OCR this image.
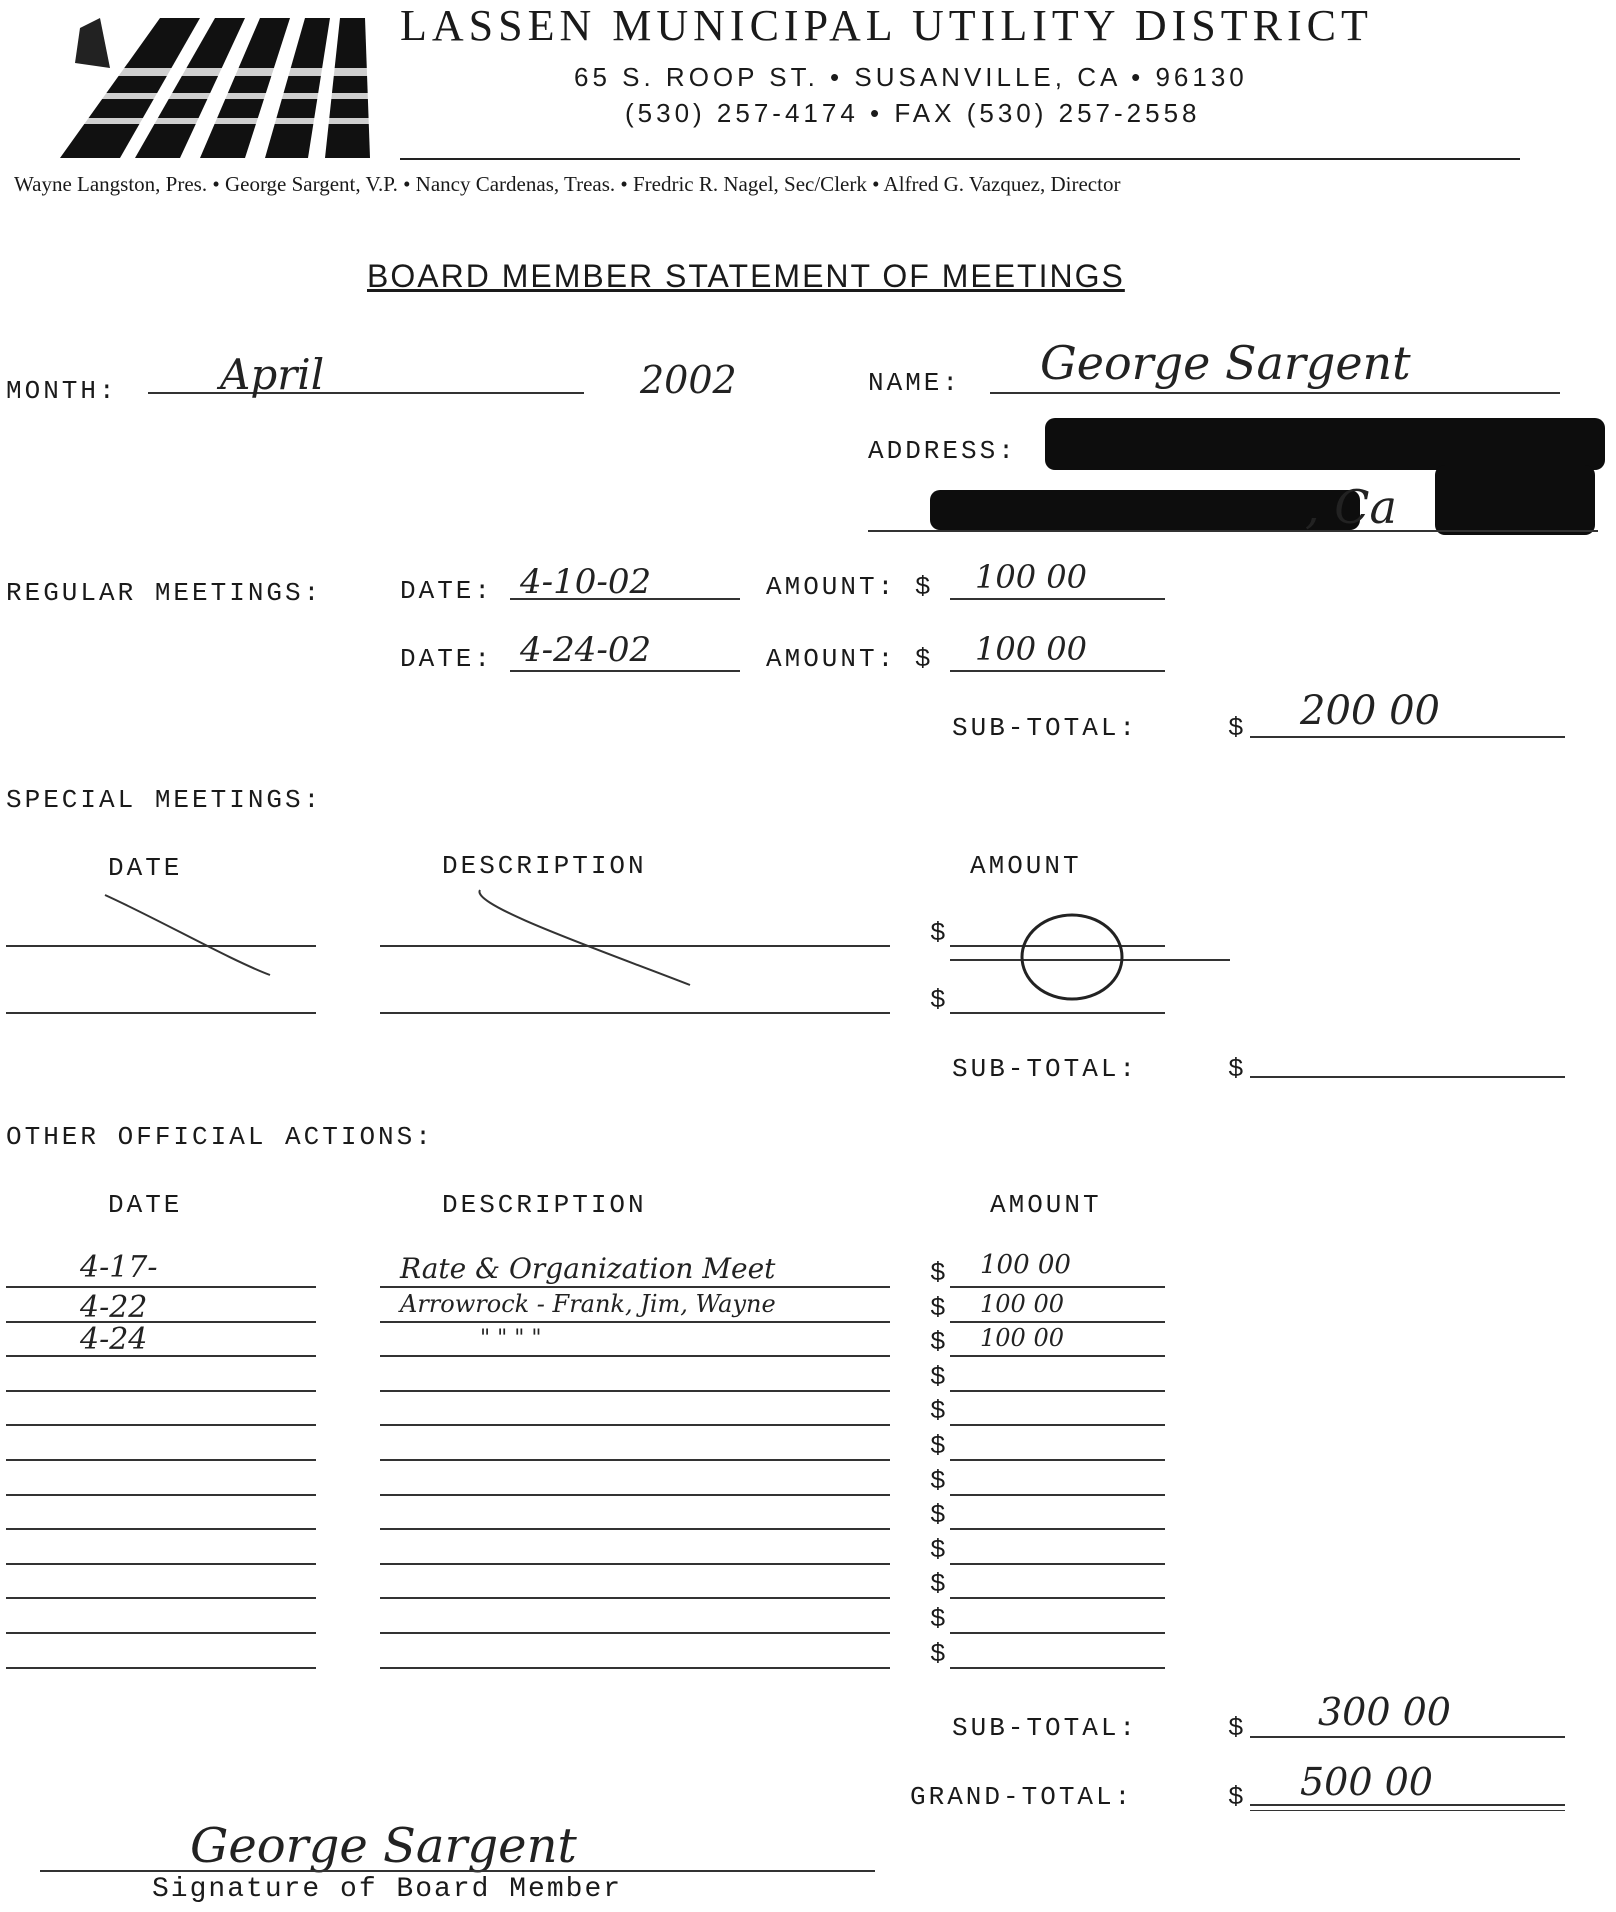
LASSEN MUNICIPAL UTILITY DISTRICT
65 S. ROOP ST. • SUSANVILLE, CA • 96130
(530) 257-4174 • FAX (530) 257-2558
Wayne Langston, Pres. • George Sargent, V.P. • Nancy Cardenas, Treas. • Fredric R. Nagel, Sec/Clerk • Alfred G. Vazquez, Director
BOARD MEMBER STATEMENT OF MEETINGS
MONTH: April	2002	NAME: George Sargent
ADDRESS:
, Ca
REGULAR MEETINGS:	DATE: 4-10-02	AMOUNT: $ 100 00
DATE: 4-24-02	AMOUNT: $ 100 00
SUB-TOTAL:	$ 200 00
SPECIAL MEETINGS:
DATE	DESCRIPTION	AMOUNT
$
$
SUB-TOTAL:	$
OTHER OFFICIAL ACTIONS:
DATE	DESCRIPTION	AMOUNT
4-17-	Rate & Organization Meet	100 00
4-22	Arrowrock - Frank, Jim, Wayne	100 00
4-24	" " " "	100 00
$
$
$
$
$
$
$
$
$
$
$
$
SUB-TOTAL:	$ 300 00
GRAND-TOTAL:	$ 500 00
George Sargent
Signature of Board Member
